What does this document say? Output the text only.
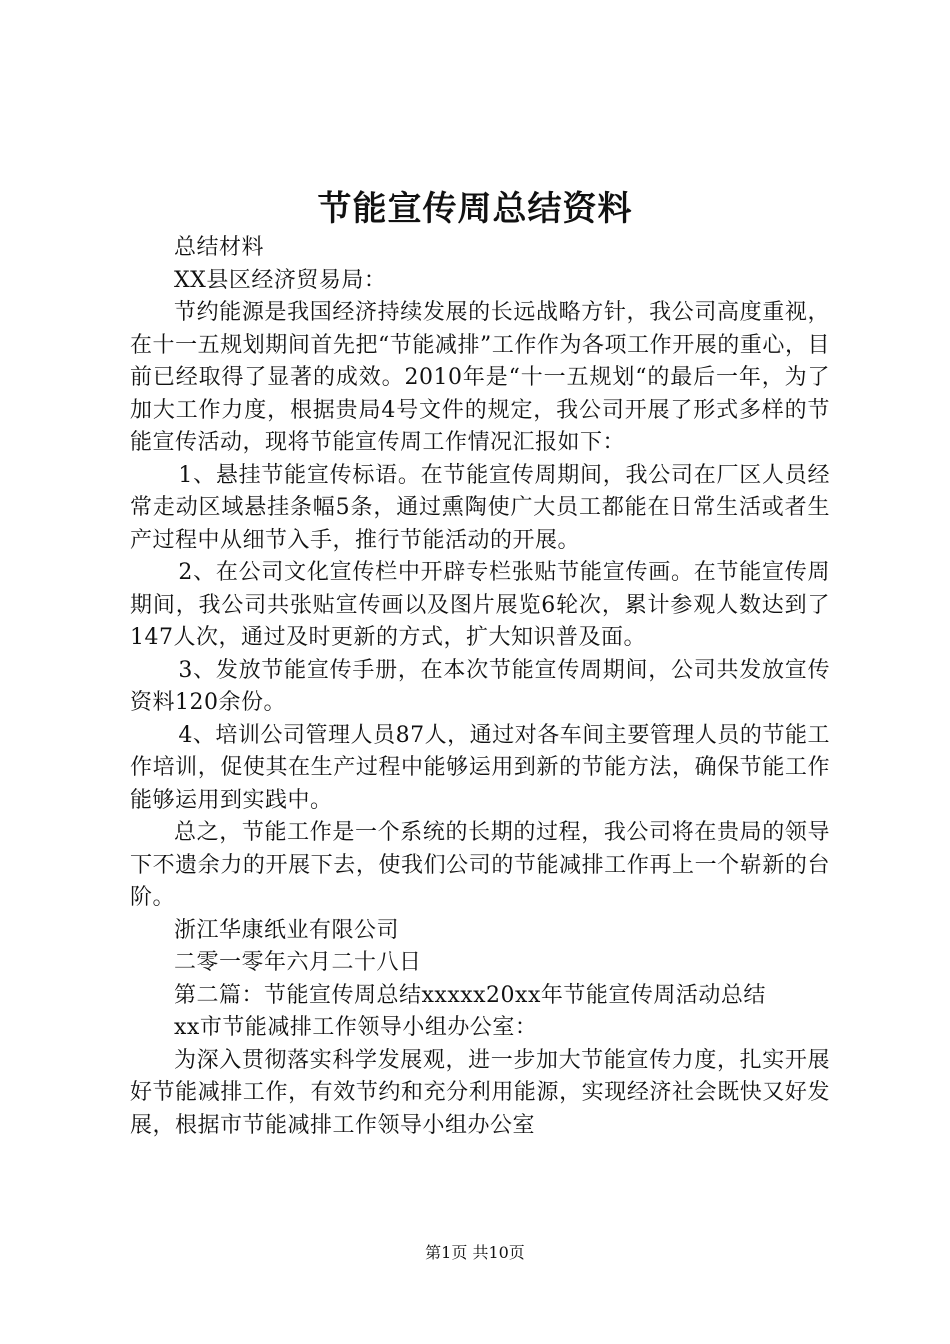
节能宣传周总结资料

总结材料

XX县区经济贸易局：

节约能源是我国经济持续发展的长远战略方针，我公司高度重视，在十一五规划期间首先把“节能减排”工作作为各项工作开展的重心，目前已经取得了显著的成效。2010年是“十一五规划“的最后一年，为了加大工作力度，根据贵局4号文件的规定，我公司开展了形式多样的节能宣传活动，现将节能宣传周工作情况汇报如下：

1、悬挂节能宣传标语。在节能宣传周期间，我公司在厂区人员经常走动区域悬挂条幅5条，通过熏陶使广大员工都能在日常生活或者生产过程中从细节入手，推行节能活动的开展。

2、在公司文化宣传栏中开辟专栏张贴节能宣传画。在节能宣传周期间，我公司共张贴宣传画以及图片展览6轮次，累计参观人数达到了147人次，通过及时更新的方式，扩大知识普及面。

3、发放节能宣传手册，在本次节能宣传周期间，公司共发放宣传资料120余份。

4、培训公司管理人员87人，通过对各车间主要管理人员的节能工作培训，促使其在生产过程中能够运用到新的节能方法，确保节能工作能够运用到实践中。

总之，节能工作是一个系统的长期的过程，我公司将在贵局的领导下不遗余力的开展下去，使我们公司的节能减排工作再上一个崭新的台阶。

浙江华康纸业有限公司

二零一零年六月二十八日

第二篇：节能宣传周总结xxxxx20xx年节能宣传周活动总结

xx市节能减排工作领导小组办公室：

为深入贯彻落实科学发展观，进一步加大节能宣传力度，扎实开展好节能减排工作，有效节约和充分利用能源，实现经济社会既快又好发展，根据市节能减排工作领导小组办公室

第1页 共10页
